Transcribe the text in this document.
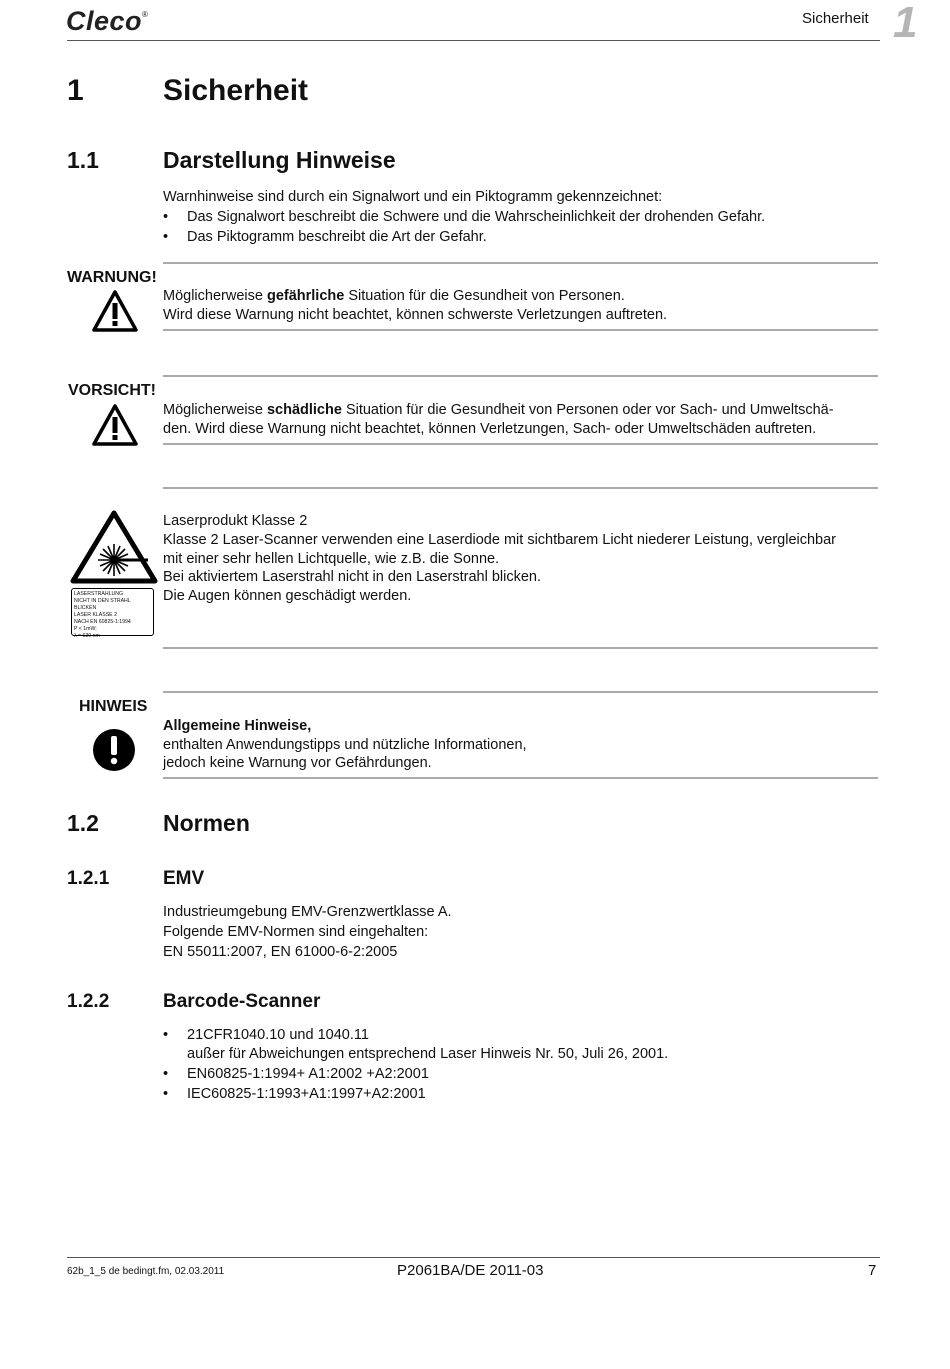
Cleco®	Sicherheit 1
1	Sicherheit
1.1	Darstellung Hinweise
Warnhinweise sind durch ein Signalwort und ein Piktogramm gekennzeichnet:
• Das Signalwort beschreibt die Schwere und die Wahrscheinlichkeit der drohenden Gefahr.
• Das Piktogramm beschreibt die Art der Gefahr.
WARNUNG!
Möglicherweise gefährliche Situation für die Gesundheit von Personen.
Wird diese Warnung nicht beachtet, können schwerste Verletzungen auftreten.
VORSICHT!
Möglicherweise schädliche Situation für die Gesundheit von Personen oder vor Sach- und Umweltschä-
den. Wird diese Warnung nicht beachtet, können Verletzungen, Sach- oder Umweltschäden auftreten.
LASERSTRAHLUNG
NICHT IN DEN STRAHL BLICKEN
LASER KLASSE 2
NACH EN 60825-1:1994
P < 1mW;
λ = 630 nm
Laserprodukt Klasse 2
Klasse 2 Laser-Scanner verwenden eine Laserdiode mit sichtbarem Licht niederer Leistung, vergleichbar
mit einer sehr hellen Lichtquelle, wie z.B. die Sonne.
Bei aktiviertem Laserstrahl nicht in den Laserstrahl blicken.
Die Augen können geschädigt werden.
HINWEIS
Allgemeine Hinweise,
enthalten Anwendungstipps und nützliche Informationen,
jedoch keine Warnung vor Gefährdungen.
1.2	Normen
1.2.1	EMV
Industrieumgebung EMV-Grenzwertklasse A.
Folgende EMV-Normen sind eingehalten:
EN 55011:2007, EN 61000-6-2:2005
1.2.2	Barcode-Scanner
• 21CFR1040.10 und 1040.11
außer für Abweichungen entsprechend Laser Hinweis Nr. 50, Juli 26, 2001.
• EN60825-1:1994+ A1:2002 +A2:2001
• IEC60825-1:1993+A1:1997+A2:2001
62b_1_5 de bedingt.fm, 02.03.2011	P2061BA/DE 2011-03	7
